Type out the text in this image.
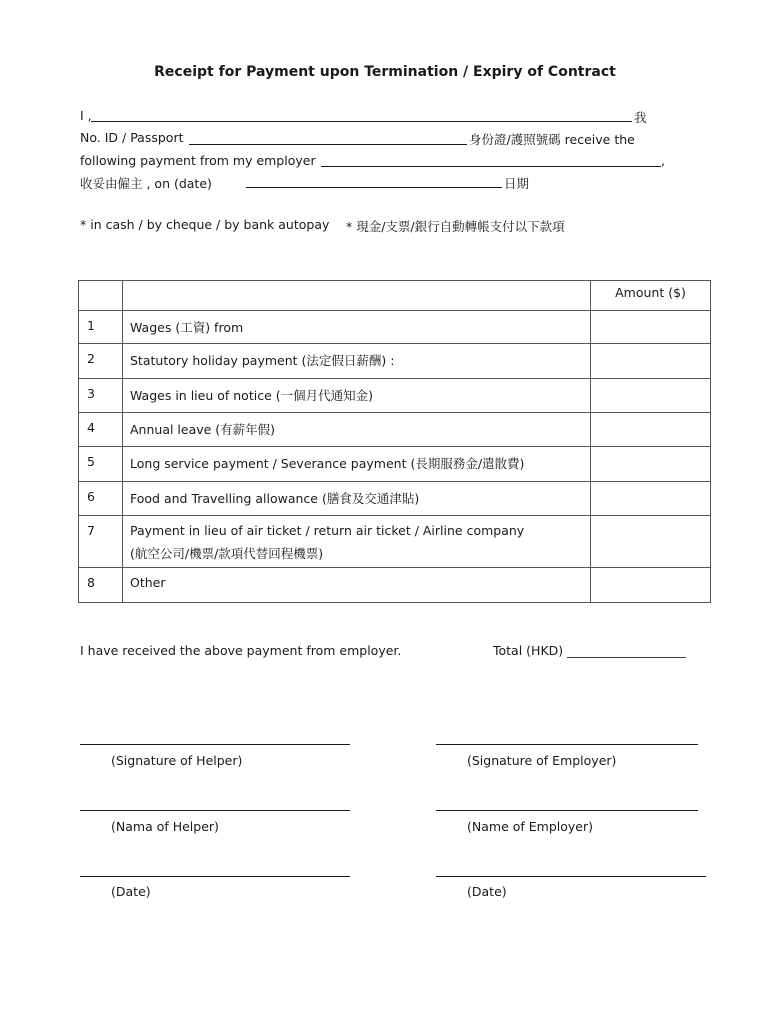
Receipt for Payment upon Termination / Expiry of Contract
I ,	我
No. ID / Passport	身份證/護照號碼 receive the
following payment from my employer	,
收妥由僱主 , on (date)	日期
* in cash / by cheque / by bank autopay * 現金/支票/銀行自動轉帳支付以下款項
		Amount ($)
1	Wages (工資) from	
2	Statutory holiday payment (法定假日薪酬) :	
3	Wages in lieu of notice (一個月代通知金)	
4	Annual leave (有薪年假)	
5	Long service payment / Severance payment (長期服務金/遣散費)	
6	Food and Travelling allowance (膳食及交通津貼)	
7	Payment in lieu of air ticket / return air ticket / Airline company
(航空公司/機票/款項代替回程機票)	

8	Other	
I have received the above payment from employer.	Total (HKD) ___________________
(Signature of Helper)	(Signature of Employer)
(Nama of Helper)	(Name of Employer)
(Date)	(Date)
